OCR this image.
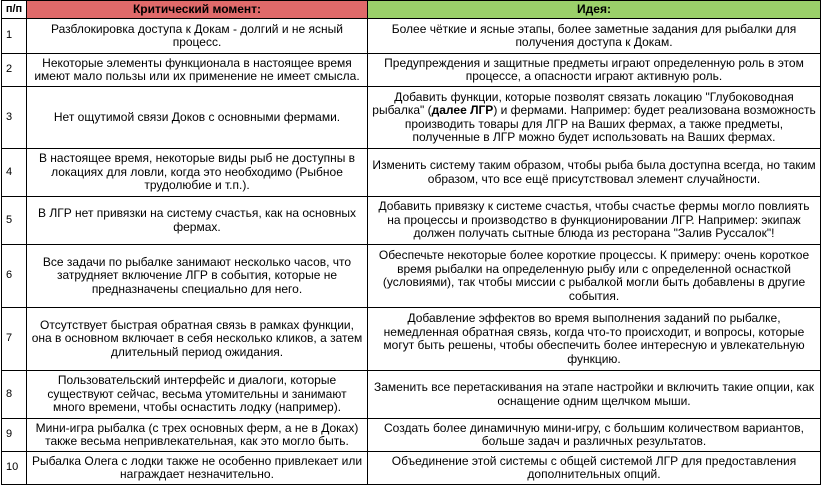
п/п	Критический момент:	Идея:
1	Разблокировка доступа к Докам - долгий и не ясный процесс.	Более чёткие и ясные этапы, более заметные задания для рыбалки для получения доступа к Докам.
2	Некоторые элементы функционала в настоящее время имеют мало пользы или их применение не имеет смысла.	Предупреждения и защитные предметы играют определенную роль в этом процессе, а опасности играют активную роль.
3	Нет ощутимой связи Доков с основными фермами.	Добавить функции, которые позволят связать локацию "Глубоководная рыбалка" (далее ЛГР) и фермами. Например: будет реализована возможность производить товары для ЛГР на Ваших фермах, а также предметы, полученные в ЛГР можно будет использовать на Ваших фермах.
4	В настоящее время, некоторые виды рыб не доступны в локациях для ловли, когда это необходимо (Рыбное трудолюбие и т.п.).	Изменить систему таким образом, чтобы рыба была доступна всегда, но таким образом, что все ещё присутствовал элемент случайности.
5	В ЛГР нет привязки на систему счастья, как на основных фермах.	Добавить привязку к системе счастья, чтобы счастье фермы могло повлиять на процессы и производство в функционировании ЛГР. Например: экипаж должен получать сытные блюда из ресторана "Залив Русcалок"!
6	Все задачи по рыбалке занимают несколько часов, что затрудняет включение ЛГР в события, которые не предназначены специально для него.	Обеспечьте некоторые более короткие процессы. К примеру: очень короткое время рыбалки на определенную рыбу или с определенной оснасткой (условиями), так чтобы миссии с рыбалкой могли быть добавлены в другие события.
7	Отсутствует быстрая обратная связь в рамках функции, она в основном включает в себя несколько кликов, а затем длительный период ожидания.	Добавление эффектов во время выполнения заданий по рыбалке, немедленная обратная связь, когда что-то происходит, и вопросы, которые могут быть решены, чтобы обеспечить более интересную и увлекательную функцию.
8	Пользовательский интерфейс и диалоги, которые существуют сейчас, весьма утомительны и занимают много времени, чтобы оснастить лодку (например).	Заменить все перетаскивания на этапе настройки и включить такие опции, как оснащение одним щелчком мыши.
9	Мини-игра рыбалка (с трех основных ферм, а не в Доках) также весьма непривлекательная, как это могло быть.	Создать более динамичную мини-игру, с большим количеством вариантов, больше задач и различных результатов.
10	Рыбалка Олега с лодки также не особенно привлекает или награждает незначительно.	Объединение этой системы с общей системой ЛГР для предоставления дополнительных опций.
